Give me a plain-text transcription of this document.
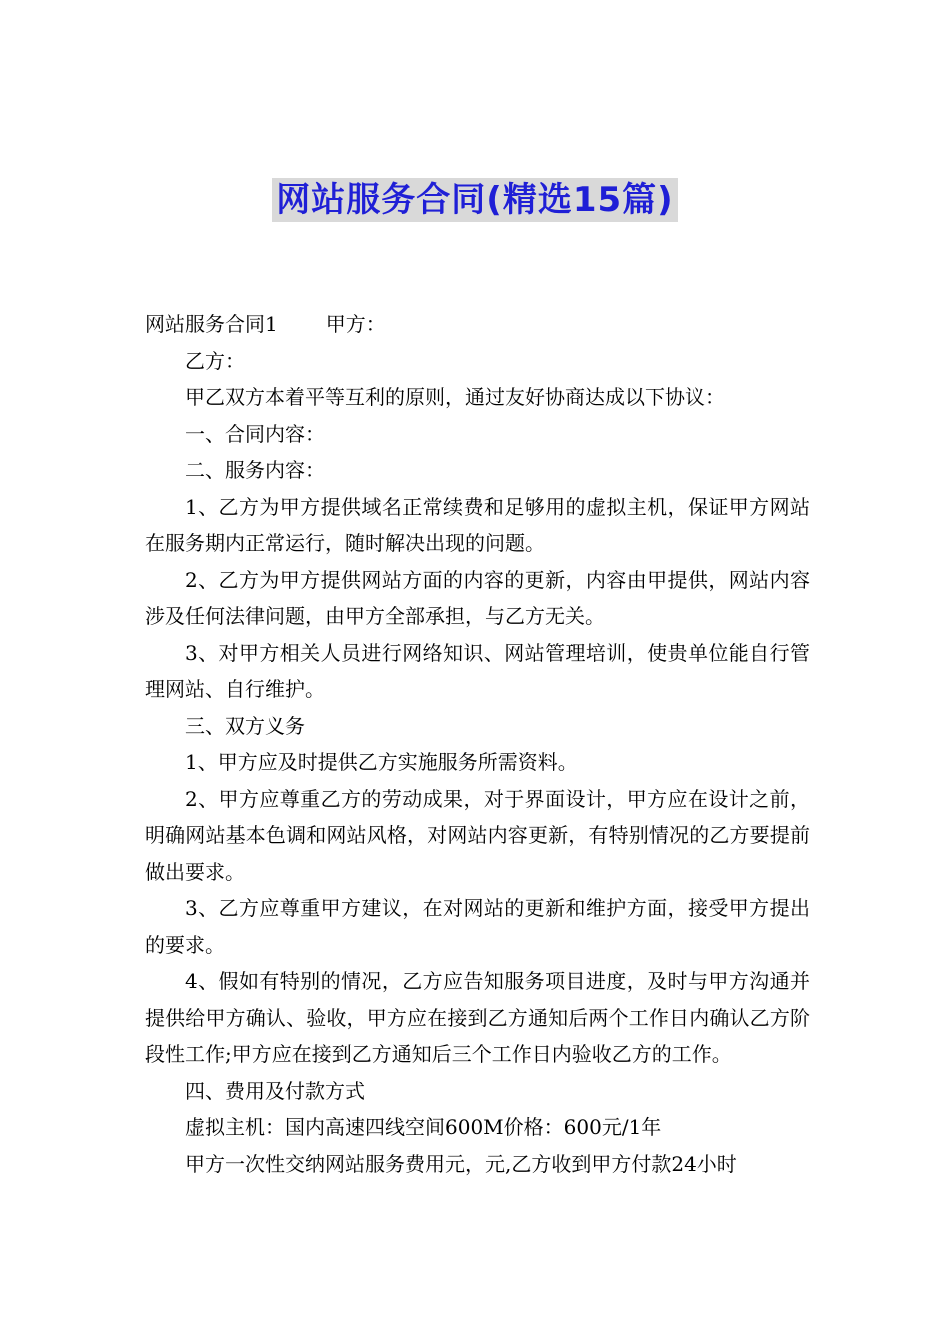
网站服务合同(精选15篇)

网站服务合同1 甲方：

乙方：

甲乙双方本着平等互利的原则，通过友好协商达成以下协议：

一、合同内容：

二、服务内容：

1、乙方为甲方提供域名正常续费和足够用的虚拟主机，保证甲方网站在服务期内正常运行，随时解决出现的问题。

2、乙方为甲方提供网站方面的内容的更新，内容由甲提供，网站内容涉及任何法律问题，由甲方全部承担，与乙方无关。

3、对甲方相关人员进行网络知识、网站管理培训，使贵单位能自行管理网站、自行维护。

三、双方义务

1、甲方应及时提供乙方实施服务所需资料。

2、甲方应尊重乙方的劳动成果，对于界面设计，甲方应在设计之前，明确网站基本色调和网站风格，对网站内容更新，有特别情况的乙方要提前做出要求。

3、乙方应尊重甲方建议，在对网站的更新和维护方面，接受甲方提出的要求。

4、假如有特别的情况，乙方应告知服务项目进度，及时与甲方沟通并提供给甲方确认、验收，甲方应在接到乙方通知后两个工作日内确认乙方阶段性工作;甲方应在接到乙方通知后三个工作日内验收乙方的工作。

四、费用及付款方式

虚拟主机：国内高速四线空间600M价格：600元/1年

甲方一次性交纳网站服务费用元，元,乙方收到甲方付款24小时
